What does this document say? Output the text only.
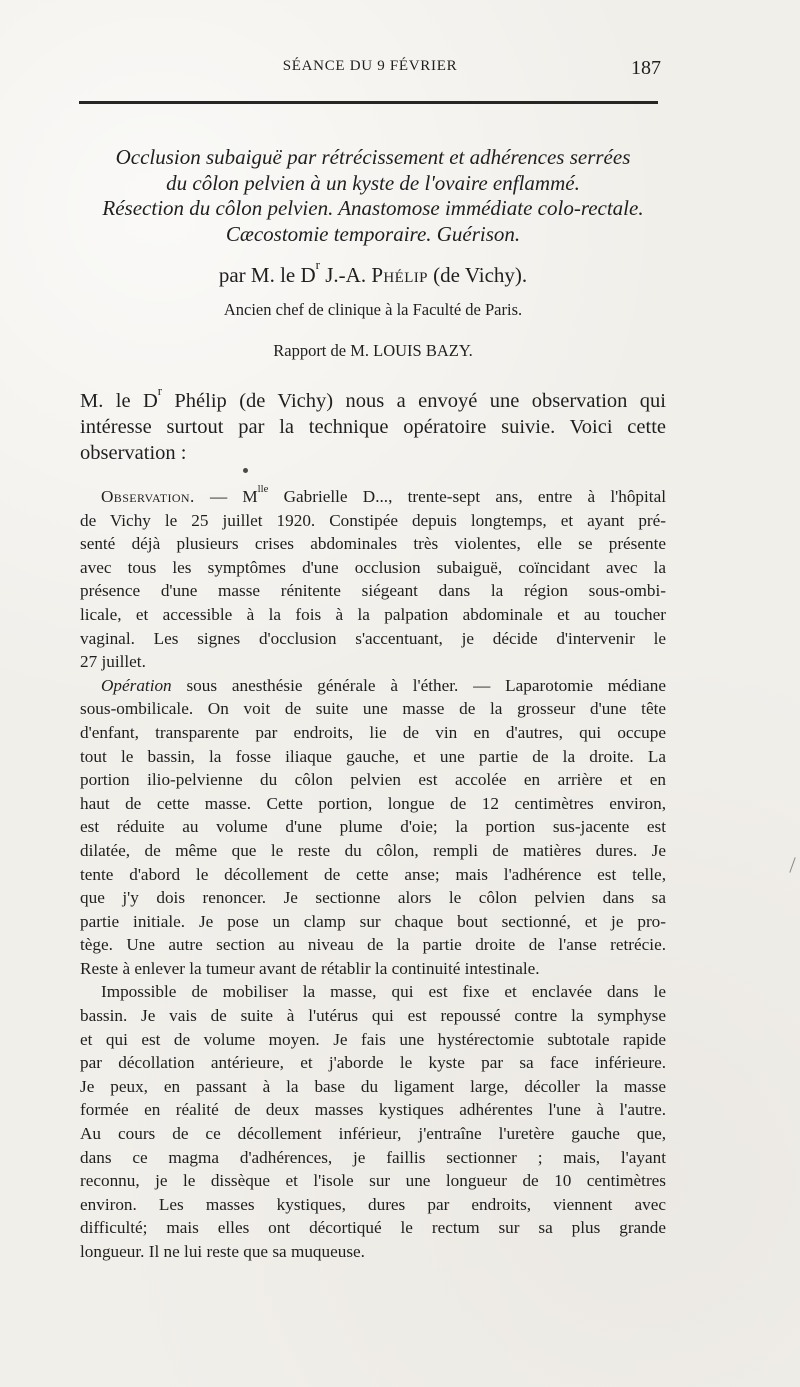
SÉANCE DU 9 FÉVRIER	187
Occlusion subaiguë par rétrécissement et adhérences serrées
du côlon pelvien à un kyste de l'ovaire enflammé.
Résection du côlon pelvien. Anastomose immédiate colo-rectale.
Cæcostomie temporaire. Guérison.
par M. le $D^r$ J.-A. Phélip (de Vichy).
Ancien chef de clinique à la Faculté de Paris.
Rapport de M. LOUIS BAZY.
M. le $D^r$ Phélip (de Vichy) nous a envoyé une observation qui
intéresse surtout par la technique opératoire suivie. Voici cette
observation :
Observation. — $M^{lle}$ Gabrielle D..., trente-sept ans, entre à l'hôpital
de Vichy le 25 juillet 1920. Constipée depuis longtemps, et ayant pré-
senté déjà plusieurs crises abdominales très violentes, elle se présente
avec tous les symptômes d'une occlusion subaiguë, coïncidant avec la
présence d'une masse rénitente siégeant dans la région sous-ombi-
licale, et accessible à la fois à la palpation abdominale et au toucher
vaginal. Les signes d'occlusion s'accentuant, je décide d'intervenir le
27 juillet.
Opération sous anesthésie générale à l'éther. — Laparotomie médiane
sous-ombilicale. On voit de suite une masse de la grosseur d'une tête
d'enfant, transparente par endroits, lie de vin en d'autres, qui occupe
tout le bassin, la fosse iliaque gauche, et une partie de la droite. La
portion ilio-pelvienne du côlon pelvien est accolée en arrière et en
haut de cette masse. Cette portion, longue de 12 centimètres environ,
est réduite au volume d'une plume d'oie; la portion sus-jacente est
dilatée, de même que le reste du côlon, rempli de matières dures. Je
tente d'abord le décollement de cette anse; mais l'adhérence est telle,
que j'y dois renoncer. Je sectionne alors le côlon pelvien dans sa
partie initiale. Je pose un clamp sur chaque bout sectionné, et je pro-
tège. Une autre section au niveau de la partie droite de l'anse retrécie.
Reste à enlever la tumeur avant de rétablir la continuité intestinale.
Impossible de mobiliser la masse, qui est fixe et enclavée dans le
bassin. Je vais de suite à l'utérus qui est repoussé contre la symphyse
et qui est de volume moyen. Je fais une hystérectomie subtotale rapide
par décollation antérieure, et j'aborde le kyste par sa face inférieure.
Je peux, en passant à la base du ligament large, décoller la masse
formée en réalité de deux masses kystiques adhérentes l'une à l'autre.
Au cours de ce décollement inférieur, j'entraîne l'uretère gauche que,
dans ce magma d'adhérences, je faillis sectionner ; mais, l'ayant
reconnu, je le dissèque et l'isole sur une longueur de 10 centimètres
environ. Les masses kystiques, dures par endroits, viennent avec
difficulté; mais elles ont décortiqué le rectum sur sa plus grande
longueur. Il ne lui reste que sa muqueuse.
